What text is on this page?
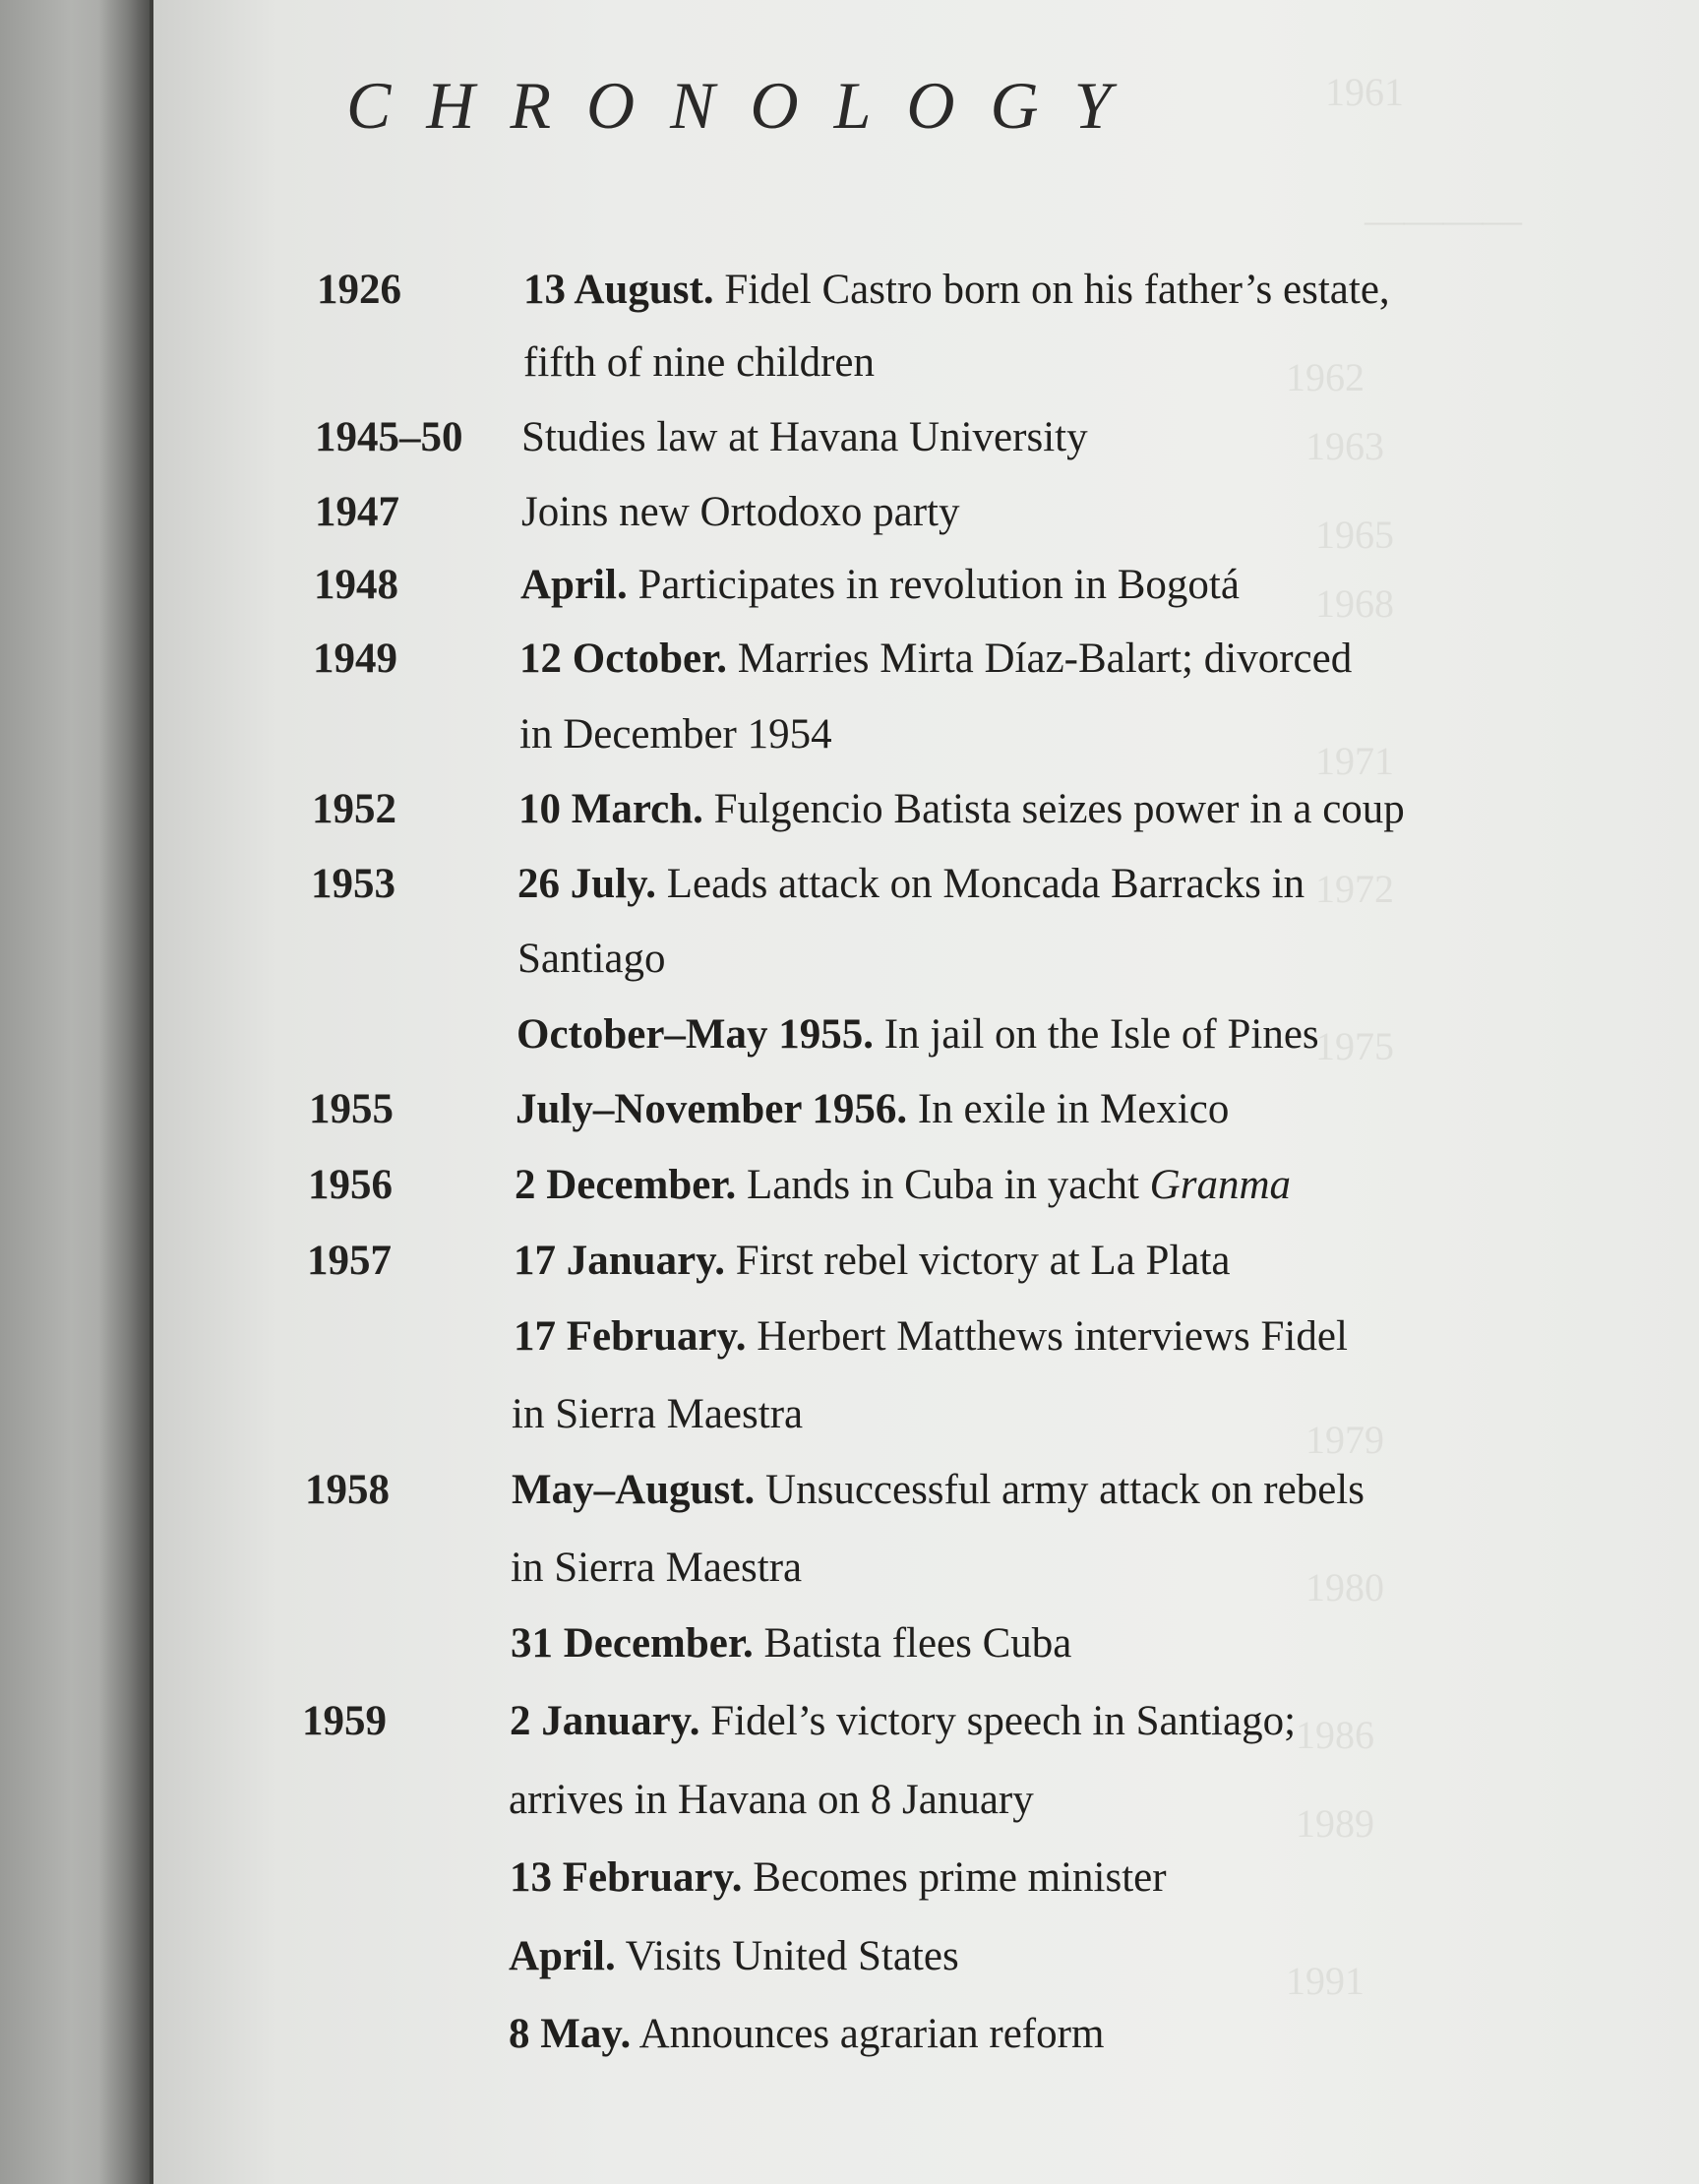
1961
————
1962
1963
1965
1968
1971
1972
1975
1979
1980
1986
1989
1991
CHRONOLOGY
1926	13 August. Fidel Castro born on his father’s estate,
fifth of nine children
1945–50 Studies law at Havana University
1947	Joins new Ortodoxo party
1948	April. Participates in revolution in Bogotá
1949	12 October. Marries Mirta Díaz-Balart; divorced
in December 1954
1952	10 March. Fulgencio Batista seizes power in a coup
1953	26 July. Leads attack on Moncada Barracks in
Santiago
October–May 1955. In jail on the Isle of Pines
1955	July–November 1956. In exile in Mexico
1956	2 December. Lands in Cuba in yacht Granma
1957	17 January. First rebel victory at La Plata
17 February. Herbert Matthews interviews Fidel
in Sierra Maestra
1958	May–August. Unsuccessful army attack on rebels
in Sierra Maestra
31 December. Batista flees Cuba
1959	2 January. Fidel’s victory speech in Santiago;
arrives in Havana on 8 January
13 February. Becomes prime minister
April. Visits United States
8 May. Announces agrarian reform
